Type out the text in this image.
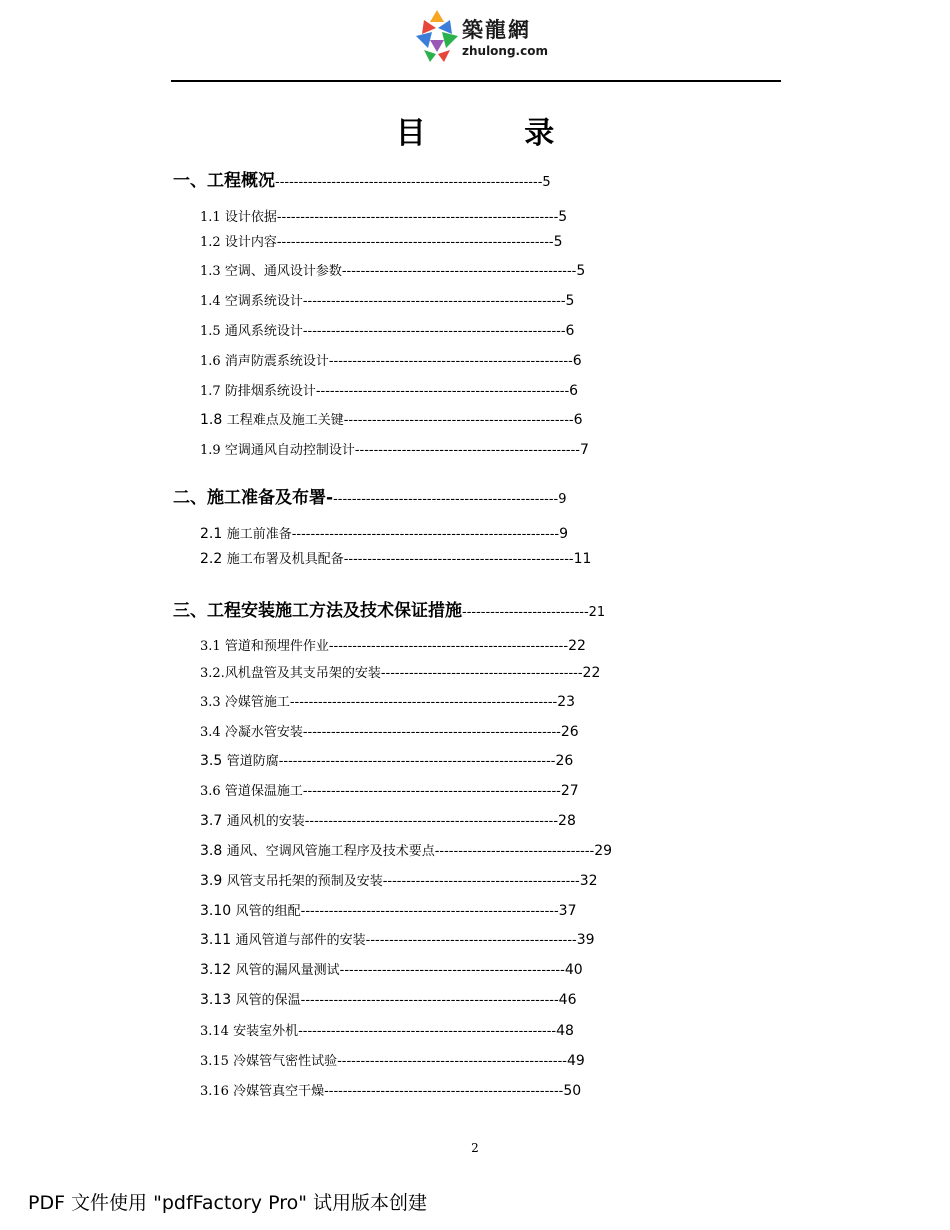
築龍網
zhulong.com
目 录
一、工程概况---------------------------------------------------------5
1.1 设计依据------------------------------------------------------------5
1.2 设计内容-----------------------------------------------------------5
1.3 空调、通风设计参数--------------------------------------------------5
1.4 空调系统设计--------------------------------------------------------5
1.5 通风系统设计--------------------------------------------------------6
1.6 消声防震系统设计----------------------------------------------------6
1.7 防排烟系统设计------------------------------------------------------6
1.8 工程难点及施工关键-------------------------------------------------6
1.9 空调通风自动控制设计------------------------------------------------7
二、施工准备及布署-------------------------------------------------9
2.1 施工前准备---------------------------------------------------------9
2.2 施工布署及机具配备-------------------------------------------------11
三、工程安装施工方法及技术保证措施---------------------------21
3.1 管道和预埋件作业---------------------------------------------------22
3.2.风机盘管及其支吊架的安装-------------------------------------------22
3.3 冷媒管施工---------------------------------------------------------23
3.4 冷凝水管安装-------------------------------------------------------26
3.5 管道防腐-----------------------------------------------------------26
3.6 管道保温施工-------------------------------------------------------27
3.7 通风机的安装------------------------------------------------------28
3.8 通风、空调风管施工程序及技术要点----------------------------------29
3.9 风管支吊托架的预制及安装------------------------------------------32
3.10 风管的组配-------------------------------------------------------37
3.11 通风管道与部件的安装---------------------------------------------39
3.12 风管的漏风量测试------------------------------------------------40
3.13 风管的保温-------------------------------------------------------46
3.14 安装室外机-------------------------------------------------------48
3.15 冷媒管气密性试验-------------------------------------------------49
3.16 冷媒管真空干燥---------------------------------------------------50
2
PDF 文件使用 "pdfFactory Pro" 试用版本创建
